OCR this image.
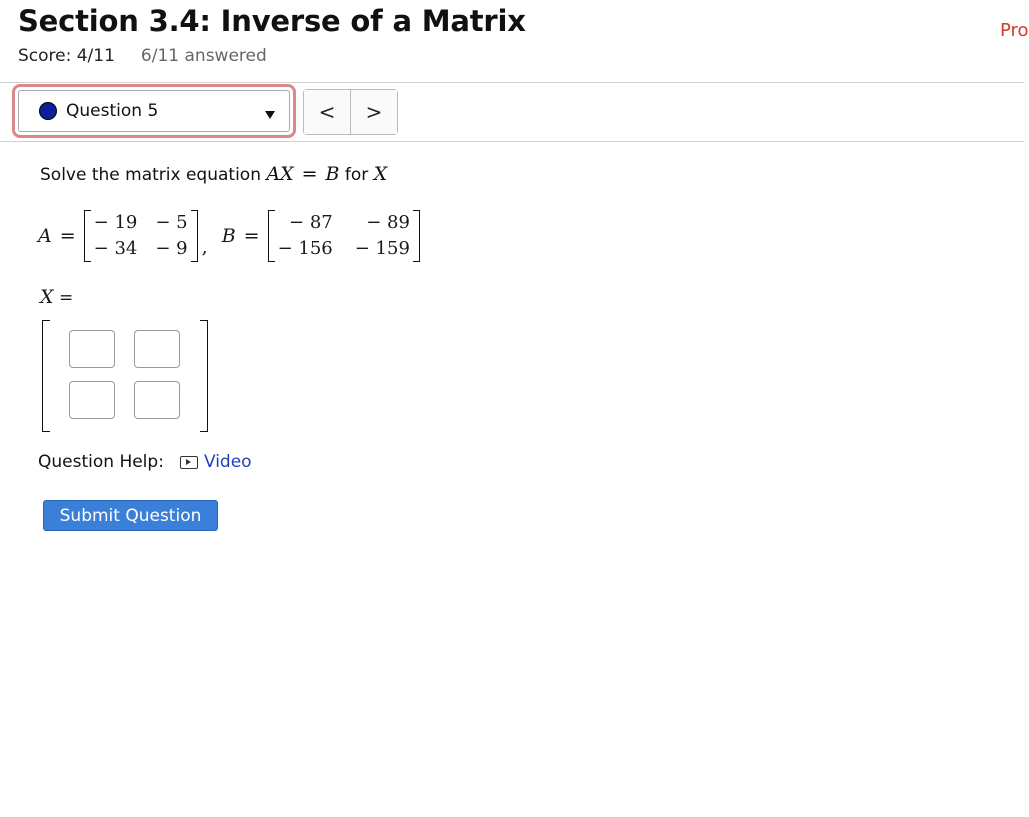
Section 3.4: Inverse of a Matrix
Score: 4/11 6/11 answered
Pro
Question 5	<	>
Solve the matrix equation AX = B for X
A =
− 19 − 5
− 34 − 9 , B =
− 87	− 89
− 156 − 159
X =
Question Help: Video
Submit Question
